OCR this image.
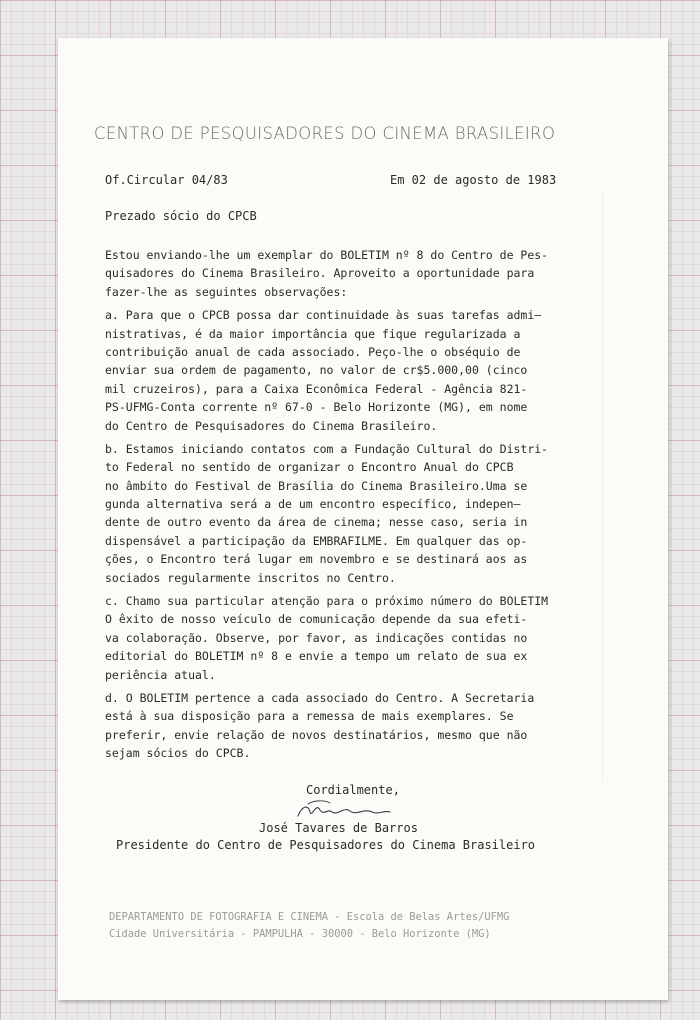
CENTRO DE PESQUISADORES DO CINEMA BRASILEIRO
Of.Circular 04/83	Em 02 de agosto de 1983
Prezado sócio do CPCB
Estou enviando-lhe um exemplar do BOLETIM nº 8 do Centro de Pes-
quisadores do Cinema Brasileiro. Aproveito a oportunidade para
fazer-lhe as seguintes observações:
a. Para que o CPCB possa dar continuidade às suas tarefas admi—
nistrativas, é da maior importância que fique regularizada a
contribuição anual de cada associado. Peço-lhe o obséquio de
enviar sua ordem de pagamento, no valor de cr$5.000,00 (cinco
mil cruzeiros), para a Caixa Econômica Federal - Agência 821-
PS-UFMG-Conta corrente nº 67-0 - Belo Horizonte (MG), em nome
do Centro de Pesquisadores do Cinema Brasileiro.
b. Estamos iniciando contatos com a Fundação Cultural do Distri-
to Federal no sentido de organizar o Encontro Anual do CPCB
no âmbito do Festival de Brasília do Cinema Brasileiro.Uma se
gunda alternativa será a de um encontro específico, indepen—
dente de outro evento da área de cinema; nesse caso, seria in
dispensável a participação da EMBRAFILME. Em qualquer das op-
ções, o Encontro terá lugar em novembro e se destinará aos as
sociados regularmente inscritos no Centro.
c. Chamo sua particular atenção para o próximo número do BOLETIM
O êxito de nosso veículo de comunicação depende da sua efeti-
va colaboração. Observe, por favor, as indicações contidas no
editorial do BOLETIM nº 8 e envie a tempo um relato de sua ex
periência atual.
d. O BOLETIM pertence a cada associado do Centro. A Secretaria
está à sua disposição para a remessa de mais exemplares. Se
preferir, envie relação de novos destinatários, mesmo que não
sejam sócios do CPCB.
Cordialmente,
José Tavares de Barros
Presidente do Centro de Pesquisadores do Cinema Brasileiro
DEPARTAMENTO DE FOTOGRAFIA E CINEMA - Escola de Belas Artes/UFMG
Cidade Universitária - PAMPULHA - 30000 - Belo Horizonte (MG)
